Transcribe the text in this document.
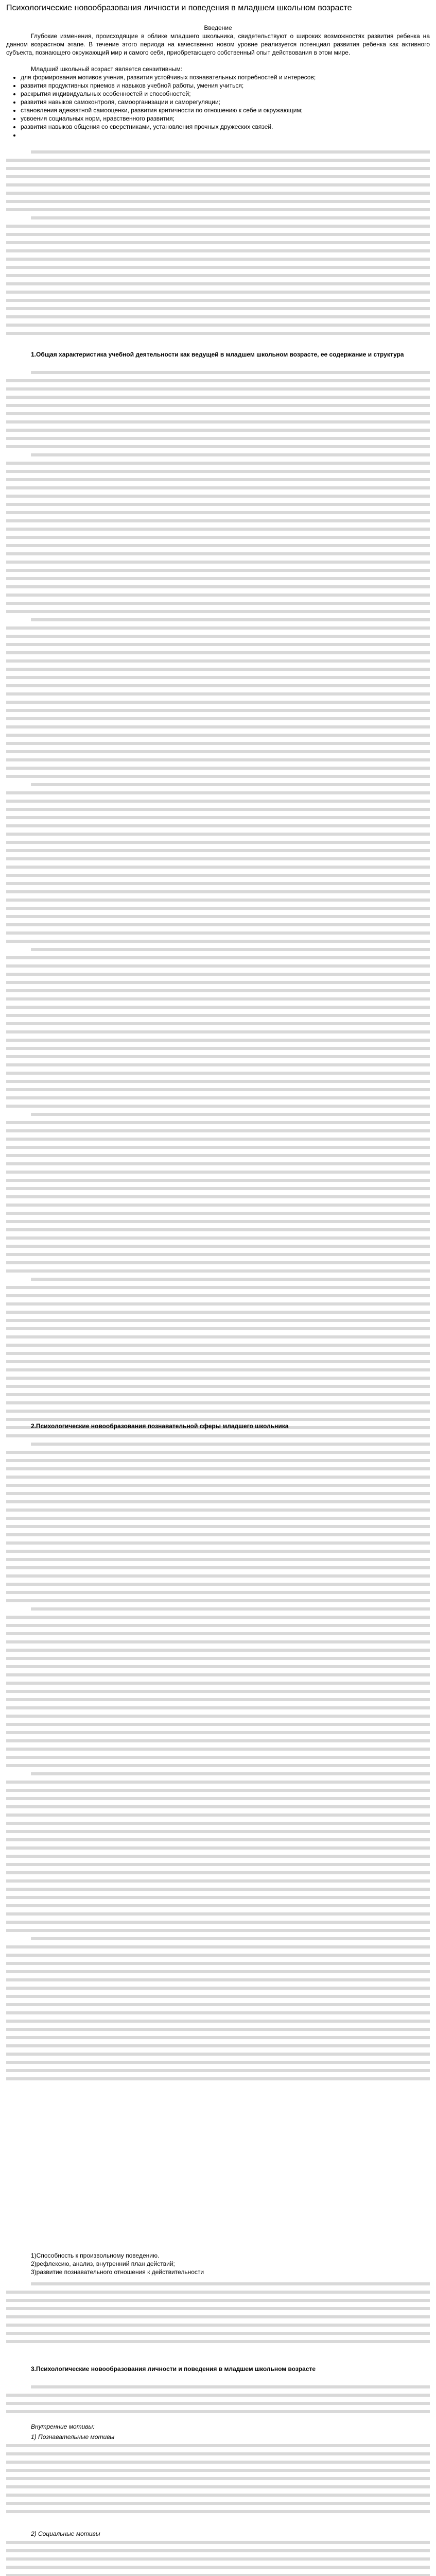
Психологические новообразования личности и поведения в младшем школьном возрасте
Введение
Глубокие изменения, происходящие в облике младшего школьника, свидетельствуют о широких возможностях развития ребенка на данном возрастном этапе. В течение этого периода на качественно новом уровне реализуется потенциал развития ребенка как активного субъекта, познающего окружающий мир и самого себя, приобретающего собственный опыт действования в этом мире.
Младший школьный возраст является сензитивным:
• для формирования мотивов учения, развития устойчивых познавательных потребностей и интересов;
• развития продуктивных приемов и навыков учебной работы, умения учиться;
• раскрытия индивидуальных особенностей и способностей;
• развития навыков самоконтроля, самоорганизации и саморегуляции;
• становления адекватной самооценки, развития критичности по отношению к себе и окружающим;
• усвоения социальных норм, нравственного развития;
• развития навыков общения со сверстниками, установления прочных дружеских связей.
•
1.Общая характеристика учебной деятельности как ведущей в младшем школьном возрасте, ее содержание и структура
2.Психологические новообразования познавательной сферы младшего школьника
1)Способность к произвольному поведению.
2)рефлексию, анализ, внутренний план действий;
3)развитие познавательного отношения к действительности
3.Психологические новообразования личности и поведения в младшем школьном возрасте
Внутренние мотивы:
1) Познавательные мотивы
2) Социальные мотивы
